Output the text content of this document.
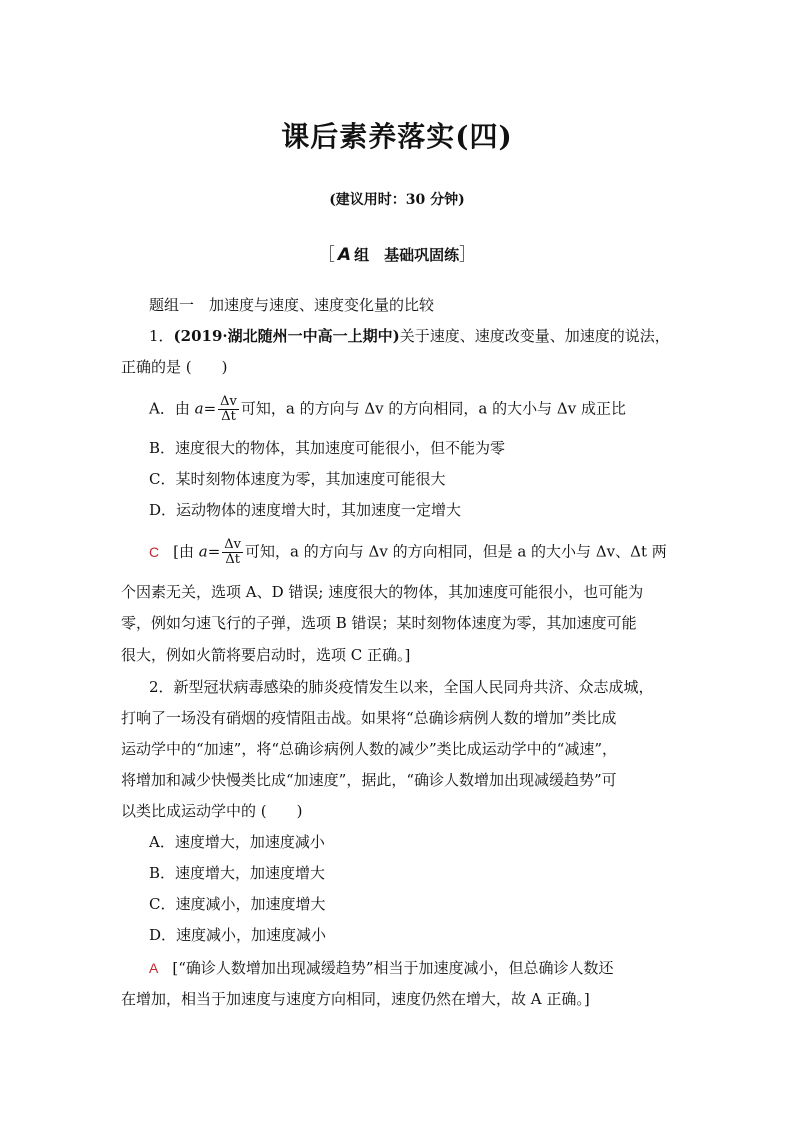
课后素养落实(四)
(建议用时：30 分钟)
［ A 组　基础巩固练］
题组一　加速度与速度、速度变化量的比较
1．(2019·湖北随州一中高一上期中)关于速度、速度改变量、加速度的说法，
正确的是 (　　)
A．由 $a= \frac{\Delta v}{\Delta t}$ 可知，a 的方向与 Δv 的方向相同，a 的大小与 Δv 成正比
B．速度很大的物体，其加速度可能很小，但不能为零
C．某时刻物体速度为零，其加速度可能很大
D．运动物体的速度增大时，其加速度一定增大
C [由 $a= \frac{\Delta v}{\Delta t}$ 可知，a 的方向与 Δv 的方向相同，但是 a 的大小与 Δv、Δt 两
个因素无关，选项 A、D 错误; 速度很大的物体，其加速度可能很小，也可能为
零，例如匀速飞行的子弹，选项 B 错误；某时刻物体速度为零，其加速度可能
很大，例如火箭将要启动时，选项 C 正确。]
2．新型冠状病毒感染的肺炎疫情发生以来，全国人民同舟共济、众志成城，
打响了一场没有硝烟的疫情阻击战。如果将“总确诊病例人数的增加”类比成
运动学中的“加速”，将“总确诊病例人数的减少”类比成运动学中的“减速”，
将增加和减少快慢类比成“加速度”，据此，“确诊人数增加出现减缓趋势”可
以类比成运动学中的 (　　)
A．速度增大，加速度减小
B．速度增大，加速度增大
C．速度减小，加速度增大
D．速度减小，加速度减小
A [“确诊人数增加出现减缓趋势”相当于加速度减小，但总确诊人数还
在增加，相当于加速度与速度方向相同，速度仍然在增大，故 A 正确。]
